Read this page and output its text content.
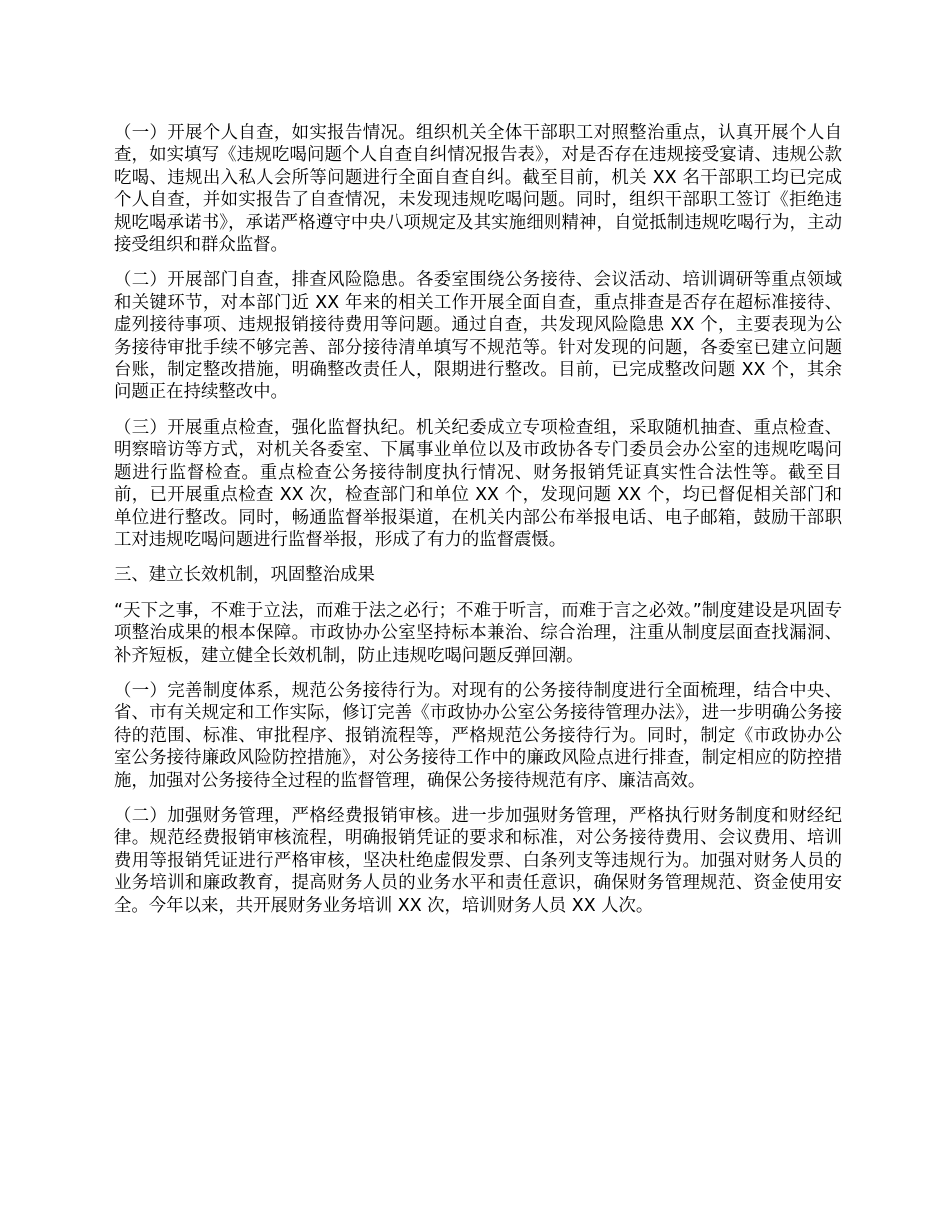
（一）开展个人自查，如实报告情况。组织机关全体干部职工对照整治重点，认真开展个人自查，如实填写《违规吃喝问题个人自查自纠情况报告表》，对是否存在违规接受宴请、违规公款吃喝、违规出入私人会所等问题进行全面自查自纠。截至目前，机关 XX 名干部职工均已完成个人自查，并如实报告了自查情况，未发现违规吃喝问题。同时，组织干部职工签订《拒绝违规吃喝承诺书》，承诺严格遵守中央八项规定及其实施细则精神，自觉抵制违规吃喝行为，主动接受组织和群众监督。

（二）开展部门自查，排查风险隐患。各委室围绕公务接待、会议活动、培训调研等重点领域和关键环节，对本部门近 XX 年来的相关工作开展全面自查，重点排查是否存在超标准接待、虚列接待事项、违规报销接待费用等问题。通过自查，共发现风险隐患 XX 个，主要表现为公务接待审批手续不够完善、部分接待清单填写不规范等。针对发现的问题，各委室已建立问题台账，制定整改措施，明确整改责任人，限期进行整改。目前，已完成整改问题 XX 个，其余问题正在持续整改中。

（三）开展重点检查，强化监督执纪。机关纪委成立专项检查组，采取随机抽查、重点检查、明察暗访等方式，对机关各委室、下属事业单位以及市政协各专门委员会办公室的违规吃喝问题进行监督检查。重点检查公务接待制度执行情况、财务报销凭证真实性合法性等。截至目前，已开展重点检查 XX 次，检查部门和单位 XX 个，发现问题 XX 个，均已督促相关部门和单位进行整改。同时，畅通监督举报渠道，在机关内部公布举报电话、电子邮箱，鼓励干部职工对违规吃喝问题进行监督举报，形成了有力的监督震慑。

三、建立长效机制，巩固整治成果

“天下之事，不难于立法，而难于法之必行；不难于听言，而难于言之必效。”制度建设是巩固专项整治成果的根本保障。市政协办公室坚持标本兼治、综合治理，注重从制度层面查找漏洞、补齐短板，建立健全长效机制，防止违规吃喝问题反弹回潮。

（一）完善制度体系，规范公务接待行为。对现有的公务接待制度进行全面梳理，结合中央、省、市有关规定和工作实际，修订完善《市政协办公室公务接待管理办法》，进一步明确公务接待的范围、标准、审批程序、报销流程等，严格规范公务接待行为。同时，制定《市政协办公室公务接待廉政风险防控措施》，对公务接待工作中的廉政风险点进行排查，制定相应的防控措施，加强对公务接待全过程的监督管理，确保公务接待规范有序、廉洁高效。

（二）加强财务管理，严格经费报销审核。进一步加强财务管理，严格执行财务制度和财经纪律。规范经费报销审核流程，明确报销凭证的要求和标准，对公务接待费用、会议费用、培训费用等报销凭证进行严格审核，坚决杜绝虚假发票、白条列支等违规行为。加强对财务人员的业务培训和廉政教育，提高财务人员的业务水平和责任意识，确保财务管理规范、资金使用安全。今年以来，共开展财务业务培训 XX 次，培训财务人员 XX 人次。
